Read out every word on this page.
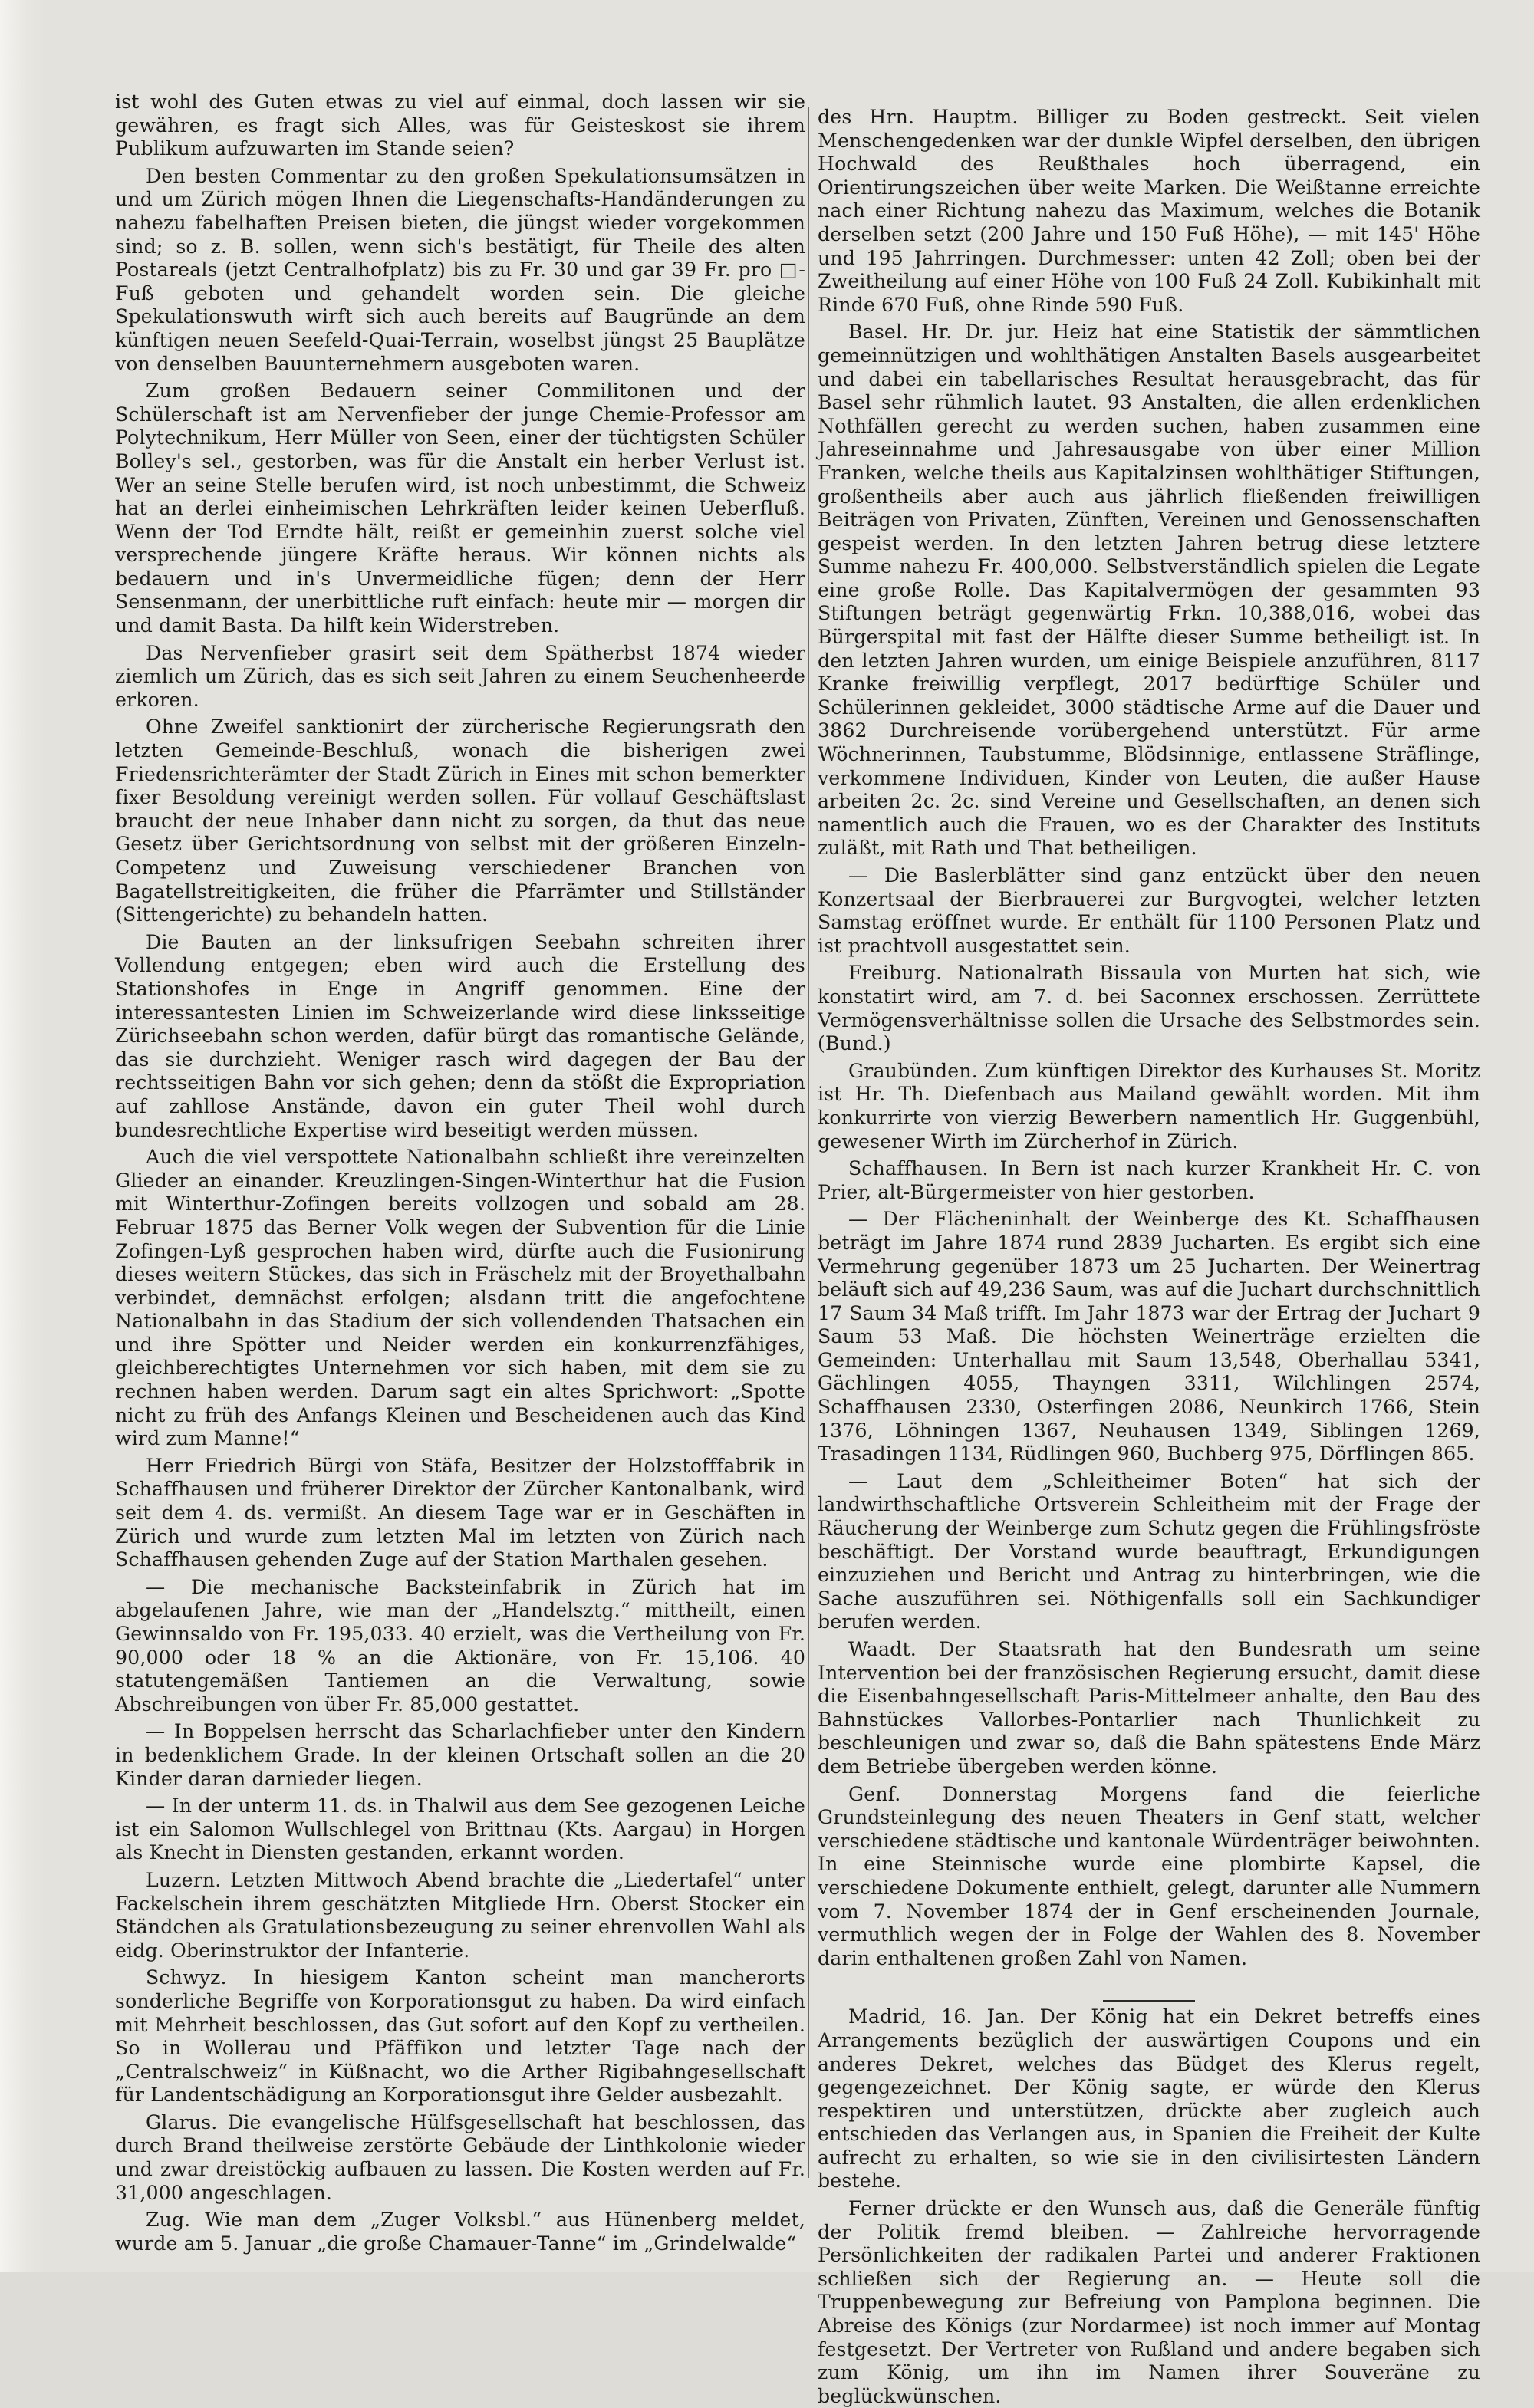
ist wohl des Guten etwas zu viel auf einmal, doch lassen wir sie gewähren, es fragt sich Alles, was für Geisteskost sie ihrem Publikum aufzuwarten im Stande seien?

Den besten Commentar zu den großen Spekulationsumsätzen in und um Zürich mögen Ihnen die Liegenschafts-Handänderungen zu nahezu fabelhaften Preisen bieten, die jüngst wieder vorgekommen sind; so z. B. sollen, wenn sich's bestätigt, für Theile des alten Postareals (jetzt Centralhofplatz) bis zu Fr. 30 und gar 39 Fr. pro □-Fuß geboten und gehandelt worden sein. Die gleiche Spekulationswuth wirft sich auch bereits auf Baugründe an dem künftigen neuen Seefeld-Quai-Terrain, woselbst jüngst 25 Bauplätze von denselben Bauunternehmern ausgeboten waren.

Zum großen Bedauern seiner Commilitonen und der Schülerschaft ist am Nervenfieber der junge Chemie-Professor am Polytechnikum, Herr Müller von Seen, einer der tüchtigsten Schüler Bolley's sel., gestorben, was für die Anstalt ein herber Verlust ist. Wer an seine Stelle berufen wird, ist noch unbestimmt, die Schweiz hat an derlei einheimischen Lehrkräften leider keinen Ueberfluß. Wenn der Tod Erndte hält, reißt er gemeinhin zuerst solche viel versprechende jüngere Kräfte heraus. Wir können nichts als bedauern und in's Unvermeidliche fügen; denn der Herr Sensenmann, der unerbittliche ruft einfach: heute mir — morgen dir und damit Basta. Da hilft kein Widerstreben.

Das Nervenfieber grasirt seit dem Spätherbst 1874 wieder ziemlich um Zürich, das es sich seit Jahren zu einem Seuchenheerde erkoren.

Ohne Zweifel sanktionirt der zürcherische Regierungsrath den letzten Gemeinde-Beschluß, wonach die bisherigen zwei Friedensrichterämter der Stadt Zürich in Eines mit schon bemerkter fixer Besoldung vereinigt werden sollen. Für vollauf Geschäftslast braucht der neue Inhaber dann nicht zu sorgen, da thut das neue Gesetz über Gerichtsordnung von selbst mit der größeren Einzeln-Competenz und Zuweisung verschiedener Branchen von Bagatellstreitigkeiten, die früher die Pfarrämter und Stillständer (Sittengerichte) zu behandeln hatten.

Die Bauten an der linksufrigen Seebahn schreiten ihrer Vollendung entgegen; eben wird auch die Erstellung des Stationshofes in Enge in Angriff genommen. Eine der interessantesten Linien im Schweizerlande wird diese linksseitige Zürichseebahn schon werden, dafür bürgt das romantische Gelände, das sie durchzieht. Weniger rasch wird dagegen der Bau der rechtsseitigen Bahn vor sich gehen; denn da stößt die Expropriation auf zahllose Anstände, davon ein guter Theil wohl durch bundesrechtliche Expertise wird beseitigt werden müssen.

Auch die viel verspottete Nationalbahn schließt ihre vereinzelten Glieder an einander. Kreuzlingen-Singen-Winterthur hat die Fusion mit Winterthur-Zofingen bereits vollzogen und sobald am 28. Februar 1875 das Berner Volk wegen der Subvention für die Linie Zofingen-Lyß gesprochen haben wird, dürfte auch die Fusionirung dieses weitern Stückes, das sich in Fräschelz mit der Broyethalbahn verbindet, demnächst erfolgen; alsdann tritt die angefochtene Nationalbahn in das Stadium der sich vollendenden Thatsachen ein und ihre Spötter und Neider werden ein konkurrenzfähiges, gleichberechtigtes Unternehmen vor sich haben, mit dem sie zu rechnen haben werden. Darum sagt ein altes Sprichwort: „Spotte nicht zu früh des Anfangs Kleinen und Bescheidenen auch das Kind wird zum Manne!“

Herr Friedrich Bürgi von Stäfa, Besitzer der Holzstofffabrik in Schaffhausen und früherer Direktor der Zürcher Kantonalbank, wird seit dem 4. ds. vermißt. An diesem Tage war er in Geschäften in Zürich und wurde zum letzten Mal im letzten von Zürich nach Schaffhausen gehenden Zuge auf der Station Marthalen gesehen.

— Die mechanische Backsteinfabrik in Zürich hat im abgelaufenen Jahre, wie man der „Handelsztg.“ mittheilt, einen Gewinnsaldo von Fr. 195,033. 40 erzielt, was die Vertheilung von Fr. 90,000 oder 18 % an die Aktionäre, von Fr. 15,106. 40 statutengemäßen Tantiemen an die Verwaltung, sowie Abschreibungen von über Fr. 85,000 gestattet.

— In Boppelsen herrscht das Scharlachfieber unter den Kindern in bedenklichem Grade. In der kleinen Ortschaft sollen an die 20 Kinder daran darnieder liegen.

— In der unterm 11. ds. in Thalwil aus dem See gezogenen Leiche ist ein Salomon Wullschlegel von Brittnau (Kts. Aargau) in Horgen als Knecht in Diensten gestanden, erkannt worden.

Luzern. Letzten Mittwoch Abend brachte die „Liedertafel“ unter Fackelschein ihrem geschätzten Mitgliede Hrn. Oberst Stocker ein Ständchen als Gratulationsbezeugung zu seiner ehrenvollen Wahl als eidg. Oberinstruktor der Infanterie.

Schwyz. In hiesigem Kanton scheint man mancherorts sonderliche Begriffe von Korporationsgut zu haben. Da wird einfach mit Mehrheit beschlossen, das Gut sofort auf den Kopf zu vertheilen. So in Wollerau und Pfäffikon und letzter Tage nach der „Centralschweiz“ in Küßnacht, wo die Arther Rigibahngesellschaft für Landentschädigung an Korporationsgut ihre Gelder ausbezahlt.

Glarus. Die evangelische Hülfsgesellschaft hat beschlossen, das durch Brand theilweise zerstörte Gebäude der Linthkolonie wieder und zwar dreistöckig aufbauen zu lassen. Die Kosten werden auf Fr. 31,000 angeschlagen.

Zug. Wie man dem „Zuger Volksbl.“ aus Hünenberg meldet, wurde am 5. Januar „die große Chamauer-Tanne“ im „Grindelwalde“

des Hrn. Hauptm. Billiger zu Boden gestreckt. Seit vielen Menschengedenken war der dunkle Wipfel derselben, den übrigen Hochwald des Reußthales hoch überragend, ein Orientirungszeichen über weite Marken. Die Weißtanne erreichte nach einer Richtung nahezu das Maximum, welches die Botanik derselben setzt (200 Jahre und 150 Fuß Höhe), — mit 145' Höhe und 195 Jahrringen. Durchmesser: unten 42 Zoll; oben bei der Zweitheilung auf einer Höhe von 100 Fuß 24 Zoll. Kubikinhalt mit Rinde 670 Fuß, ohne Rinde 590 Fuß.

Basel. Hr. Dr. jur. Heiz hat eine Statistik der sämmtlichen gemeinnützigen und wohlthätigen Anstalten Basels ausgearbeitet und dabei ein tabellarisches Resultat herausgebracht, das für Basel sehr rühmlich lautet. 93 Anstalten, die allen erdenklichen Nothfällen gerecht zu werden suchen, haben zusammen eine Jahreseinnahme und Jahresausgabe von über einer Million Franken, welche theils aus Kapitalzinsen wohlthätiger Stiftungen, großentheils aber auch aus jährlich fließenden freiwilligen Beiträgen von Privaten, Zünften, Vereinen und Genossenschaften gespeist werden. In den letzten Jahren betrug diese letztere Summe nahezu Fr. 400,000. Selbstverständlich spielen die Legate eine große Rolle. Das Kapitalvermögen der gesammten 93 Stiftungen beträgt gegenwärtig Frkn. 10,388,016, wobei das Bürgerspital mit fast der Hälfte dieser Summe betheiligt ist. In den letzten Jahren wurden, um einige Beispiele anzuführen, 8117 Kranke freiwillig verpflegt, 2017 bedürftige Schüler und Schülerinnen gekleidet, 3000 städtische Arme auf die Dauer und 3862 Durchreisende vorübergehend unterstützt. Für arme Wöchnerinnen, Taubstumme, Blödsinnige, entlassene Sträflinge, verkommene Individuen, Kinder von Leuten, die außer Hause arbeiten 2c. 2c. sind Vereine und Gesellschaften, an denen sich namentlich auch die Frauen, wo es der Charakter des Instituts zuläßt, mit Rath und That betheiligen.

— Die Baslerblätter sind ganz entzückt über den neuen Konzertsaal der Bierbrauerei zur Burgvogtei, welcher letzten Samstag eröffnet wurde. Er enthält für 1100 Personen Platz und ist prachtvoll ausgestattet sein.

Freiburg. Nationalrath Bissaula von Murten hat sich, wie konstatirt wird, am 7. d. bei Saconnex erschossen. Zerrüttete Vermögensverhältnisse sollen die Ursache des Selbstmordes sein. (Bund.)

Graubünden. Zum künftigen Direktor des Kurhauses St. Moritz ist Hr. Th. Diefenbach aus Mailand gewählt worden. Mit ihm konkurrirte von vierzig Bewerbern namentlich Hr. Guggenbühl, gewesener Wirth im Zürcherhof in Zürich.

Schaffhausen. In Bern ist nach kurzer Krankheit Hr. C. von Prier, alt-Bürgermeister von hier gestorben.

— Der Flächeninhalt der Weinberge des Kt. Schaffhausen beträgt im Jahre 1874 rund 2839 Jucharten. Es ergibt sich eine Vermehrung gegenüber 1873 um 25 Jucharten. Der Weinertrag beläuft sich auf 49,236 Saum, was auf die Juchart durchschnittlich 17 Saum 34 Maß trifft. Im Jahr 1873 war der Ertrag der Juchart 9 Saum 53 Maß. Die höchsten Weinerträge erzielten die Gemeinden: Unterhallau mit Saum 13,548, Oberhallau 5341, Gächlingen 4055, Thayngen 3311, Wilchlingen 2574, Schaffhausen 2330, Osterfingen 2086, Neunkirch 1766, Stein 1376, Löhningen 1367, Neuhausen 1349, Siblingen 1269, Trasadingen 1134, Rüdlingen 960, Buchberg 975, Dörflingen 865.

— Laut dem „Schleitheimer Boten“ hat sich der landwirthschaftliche Ortsverein Schleitheim mit der Frage der Räucherung der Weinberge zum Schutz gegen die Frühlingsfröste beschäftigt. Der Vorstand wurde beauftragt, Erkundigungen einzuziehen und Bericht und Antrag zu hinterbringen, wie die Sache auszuführen sei. Nöthigenfalls soll ein Sachkundiger berufen werden.

Waadt. Der Staatsrath hat den Bundesrath um seine Intervention bei der französischen Regierung ersucht, damit diese die Eisenbahngesellschaft Paris-Mittelmeer anhalte, den Bau des Bahnstückes Vallorbes-Pontarlier nach Thunlichkeit zu beschleunigen und zwar so, daß die Bahn spätestens Ende März dem Betriebe übergeben werden könne.

Genf. Donnerstag Morgens fand die feierliche Grundsteinlegung des neuen Theaters in Genf statt, welcher verschiedene städtische und kantonale Würdenträger beiwohnten. In eine Steinnische wurde eine plombirte Kapsel, die verschiedene Dokumente enthielt, gelegt, darunter alle Nummern vom 7. November 1874 der in Genf erscheinenden Journale, vermuthlich wegen der in Folge der Wahlen des 8. November darin enthaltenen großen Zahl von Namen.

Madrid, 16. Jan. Der König hat ein Dekret betreffs eines Arrangements bezüglich der auswärtigen Coupons und ein anderes Dekret, welches das Büdget des Klerus regelt, gegengezeichnet. Der König sagte, er würde den Klerus respektiren und unterstützen, drückte aber zugleich auch entschieden das Verlangen aus, in Spanien die Freiheit der Kulte aufrecht zu erhalten, so wie sie in den civilisirtesten Ländern bestehe.

Ferner drückte er den Wunsch aus, daß die Generäle fünftig der Politik fremd bleiben. — Zahlreiche hervorragende Persönlichkeiten der radikalen Partei und anderer Fraktionen schließen sich der Regierung an. — Heute soll die Truppenbewegung zur Befreiung von Pamplona beginnen. Die Abreise des Königs (zur Nordarmee) ist noch immer auf Montag festgesetzt. Der Vertreter von Rußland und andere begaben sich zum König, um ihn im Namen ihrer Souveräne zu beglückwünschen.
